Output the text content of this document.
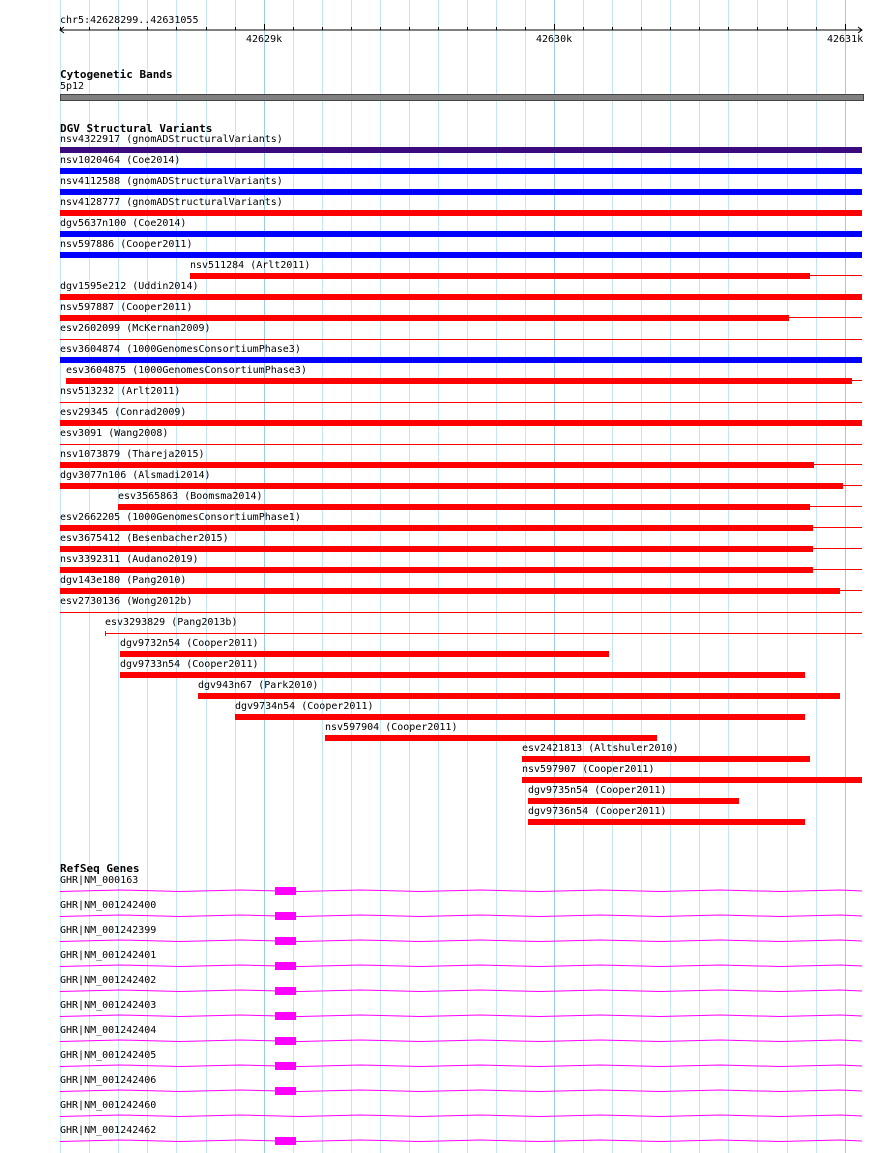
chr5:42628299..42631055
42629k	42630k	42631k
Cytogenetic Bands
5p12
DGV Structural Variants
nsv4322917 (gnomADStructuralVariants)
nsv1020464 (Coe2014)
nsv4112588 (gnomADStructuralVariants)
nsv4128777 (gnomADStructuralVariants)
dgv5637n100 (Coe2014)
nsv597886 (Cooper2011)
nsv511284 (Arlt2011)
dgv1595e212 (Uddin2014)
nsv597887 (Cooper2011)
esv2602099 (McKernan2009)
esv3604874 (1000GenomesConsortiumPhase3)
esv3604875 (1000GenomesConsortiumPhase3)
nsv513232 (Arlt2011)
esv29345 (Conrad2009)
esv3091 (Wang2008)
nsv1073879 (Thareja2015)
dgv3077n106 (Alsmadi2014)
esv3565863 (Boomsma2014)
esv2662205 (1000GenomesConsortiumPhase1)
esv3675412 (Besenbacher2015)
nsv3392311 (Audano2019)
dgv143e180 (Pang2010)
esv2730136 (Wong2012b)
esv3293829 (Pang2013b)
dgv9732n54 (Cooper2011)
dgv9733n54 (Cooper2011)
dgv943n67 (Park2010)
dgv9734n54 (Cooper2011)
nsv597904 (Cooper2011)
esv2421813 (Altshuler2010)
nsv597907 (Cooper2011)
dgv9735n54 (Cooper2011)
dgv9736n54 (Cooper2011)
RefSeq Genes
GHR|NM_000163
GHR|NM_001242400
GHR|NM_001242399
GHR|NM_001242401
GHR|NM_001242402
GHR|NM_001242403
GHR|NM_001242404
GHR|NM_001242405
GHR|NM_001242406
GHR|NM_001242460
GHR|NM_001242462
